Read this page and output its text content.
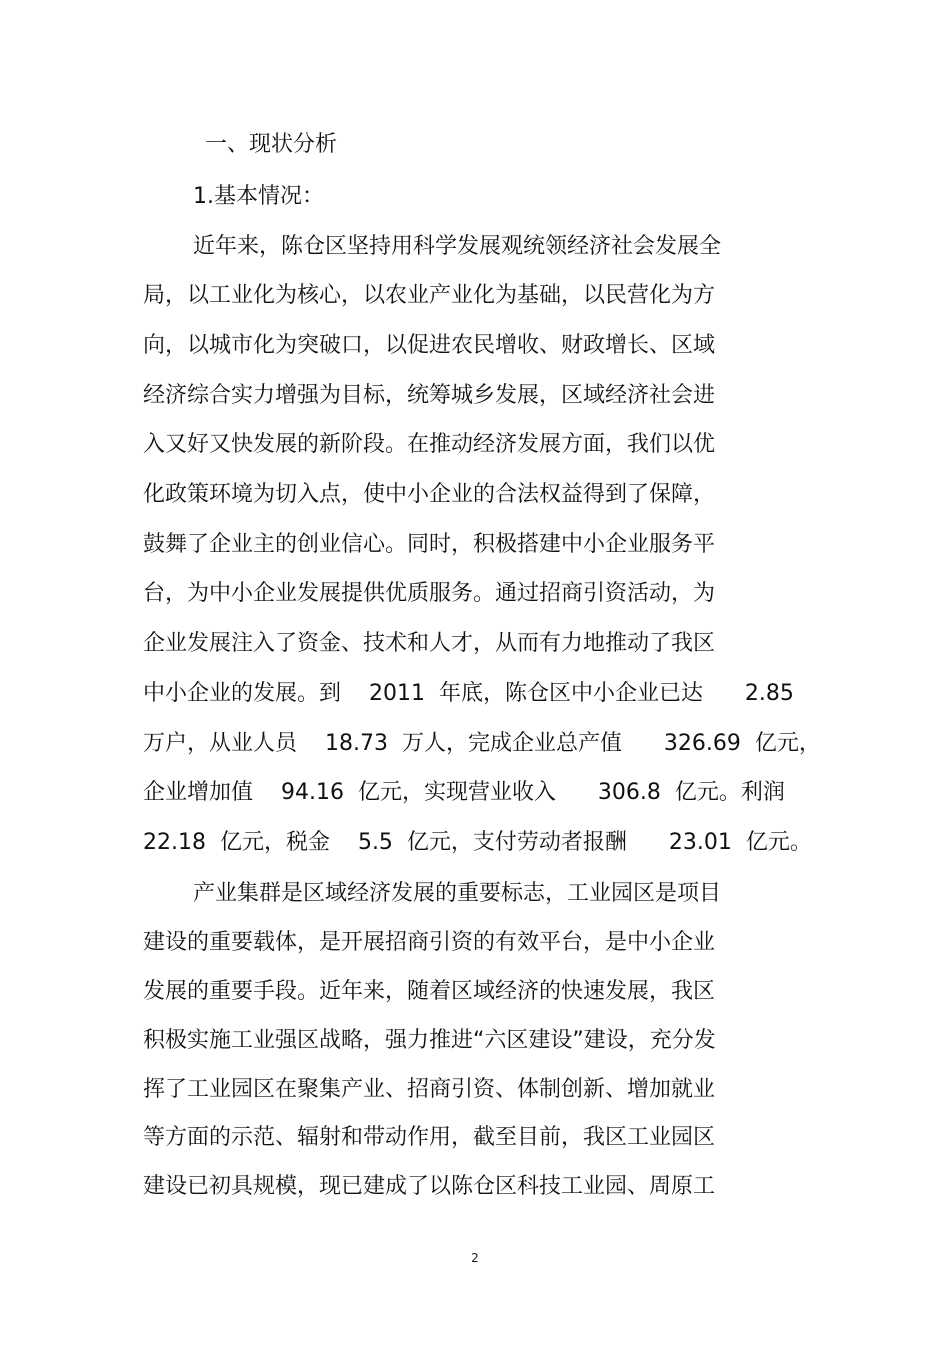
一、现状分析
1.基本情况：
近年来，陈仓区坚持用科学发展观统领经济社会发展全
局，以工业化为核心，以农业产业化为基础，以民营化为方
向，以城市化为突破口，以促进农民增收、财政增长、区域
经济综合实力增强为目标，统筹城乡发展，区域经济社会进
入又好又快发展的新阶段。在推动经济发展方面，我们以优
化政策环境为切入点，使中小企业的合法权益得到了保障，
鼓舞了企业主的创业信心。同时，积极搭建中小企业服务平
台，为中小企业发展提供优质服务。通过招商引资活动，为
企业发展注入了资金、技术和人才，从而有力地推动了我区
中小企业的发展。到    2011  年底，陈仓区中小企业已达      2.85
万户，从业人员    18.73  万人，完成企业总产值      326.69  亿元，
企业增加值    94.16  亿元，实现营业收入      306.8  亿元。利润
22.18  亿元，税金    5.5  亿元，支付劳动者报酬      23.01  亿元。
产业集群是区域经济发展的重要标志，工业园区是项目
建设的重要载体，是开展招商引资的有效平台，是中小企业
发展的重要手段。近年来，随着区域经济的快速发展，我区
积极实施工业强区战略，强力推进“六区建设”建设，充分发
挥了工业园区在聚集产业、招商引资、体制创新、增加就业
等方面的示范、辐射和带动作用，截至目前，我区工业园区
建设已初具规模，现已建成了以陈仓区科技工业园、周原工
2
